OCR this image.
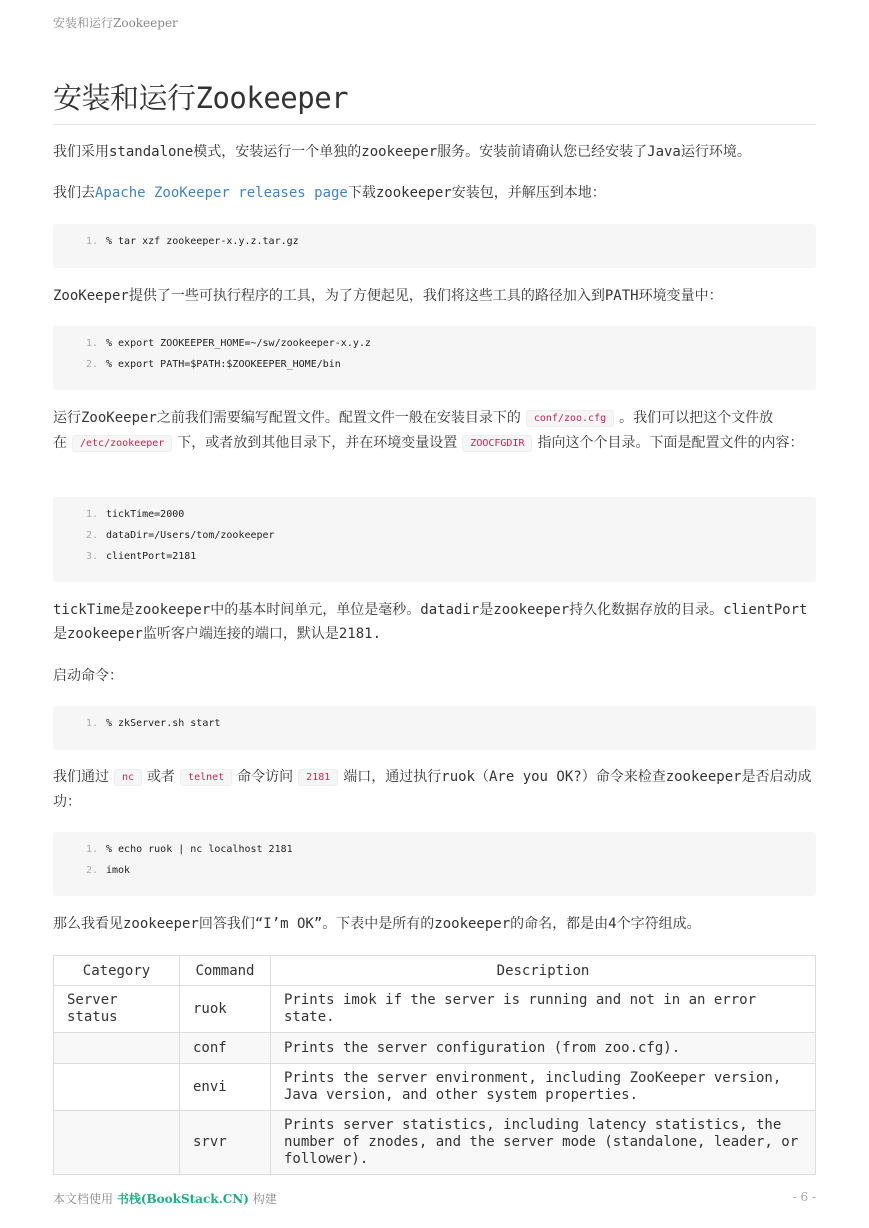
安装和运行Zookeeper
安装和运行Zookeeper
我们采用standalone模式，安装运行一个单独的zookeeper服务。安装前请确认您已经安装了Java运行环境。
我们去Apache ZooKeeper releases page下载zookeeper安装包，并解压到本地：
1. % tar xzf zookeeper-x.y.z.tar.gz
ZooKeeper提供了一些可执行程序的工具，为了方便起见，我们将这些工具的路径加入到PATH环境变量中：
1. % export ZOOKEEPER_HOME=~/sw/zookeeper-x.y.z
2. % export PATH=$PATH:$ZOOKEEPER_HOME/bin
运行ZooKeeper之前我们需要编写配置文件。配置文件一般在安装目录下的 conf/zoo.cfg 。我们可以把这个文件放在 /etc/zookeeper 下，或者放到其他目录下，并在环境变量设置 ZOOCFGDIR 指向这个个目录。下面是配置文件的内容：
1. tickTime=2000
2. dataDir=/Users/tom/zookeeper
3. clientPort=2181
tickTime是zookeeper中的基本时间单元，单位是毫秒。datadir是zookeeper持久化数据存放的目录。clientPort是zookeeper监听客户端连接的端口，默认是2181.
启动命令：
1. % zkServer.sh start
我们通过 nc 或者 telnet 命令访问 2181 端口，通过执行ruok（Are you OK?）命令来检查zookeeper是否启动成功：
1. % echo ruok | nc localhost 2181
2. imok
那么我看见zookeeper回答我们“I’m OK”。下表中是所有的zookeeper的命名，都是由4个字符组成。
Category	Command	Description
Server status	ruok	Prints imok if the server is running and not in an error state.
	conf	Prints the server configuration (from zoo.cfg).
	envi	Prints the server environment, including ZooKeeper version, Java version, and other system properties.
	srvr	Prints server statistics, including latency statistics, the number of znodes, and the server mode (standalone, leader, or follower).
本文档使用 书栈(BookStack.CN) 构建	- 6 -
